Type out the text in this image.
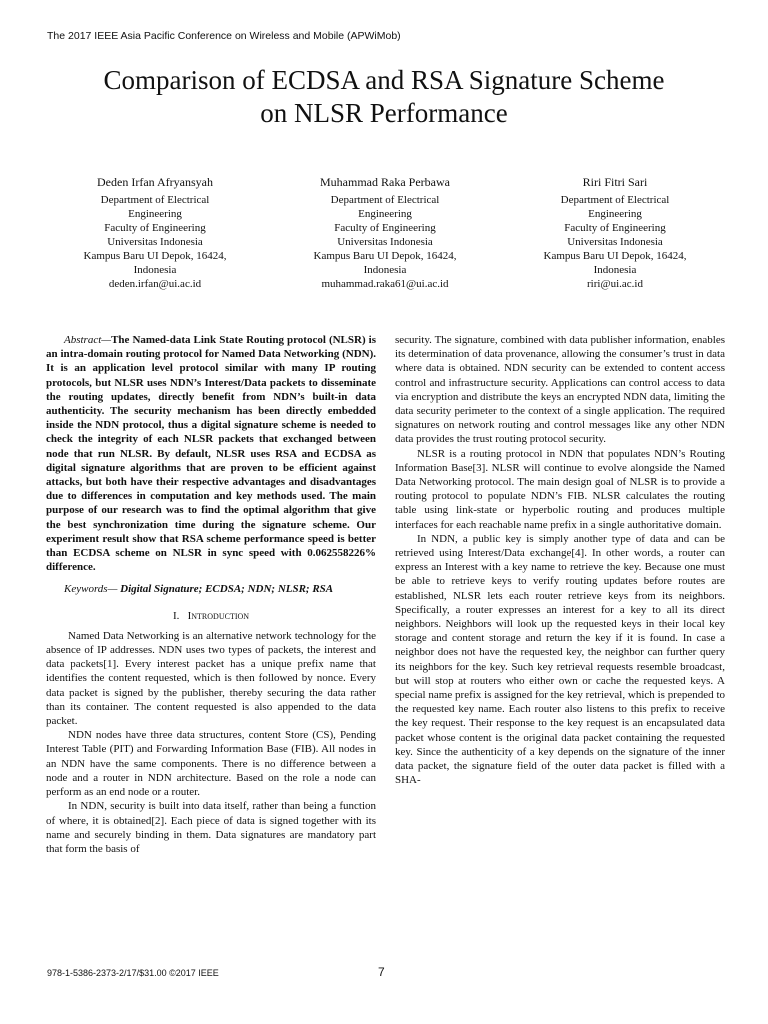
The 2017 IEEE Asia Pacific Conference on Wireless and Mobile (APWiMob)
Comparison of ECDSA and RSA Signature Scheme
on NLSR Performance
Deden Irfan Afryansyah

Department of Electrical

Engineering

Faculty of Engineering

Universitas Indonesia

Kampus Baru UI Depok, 16424,

Indonesia

deden.irfan@ui.ac.id
Muhammad Raka Perbawa

Department of Electrical

Engineering

Faculty of Engineering

Universitas Indonesia

Kampus Baru UI Depok, 16424,

Indonesia

muhammad.raka61@ui.ac.id
Riri Fitri Sari

Department of Electrical

Engineering

Faculty of Engineering

Universitas Indonesia

Kampus Baru UI Depok, 16424,

Indonesia

riri@ui.ac.id

Abstract—The Named-data Link State Routing protocol (NLSR) is an intra-domain routing protocol for Named Data Networking (NDN). It is an application level protocol similar with many IP routing protocols, but NLSR uses NDN’s Interest/Data packets to disseminate the routing updates, directly benefit from NDN’s built-in data authenticity. The security mechanism has been directly embedded inside the NDN protocol, thus a digital signature scheme is needed to check the integrity of each NLSR packets that exchanged between node that run NLSR. By default, NLSR uses RSA and ECDSA as digital signature algorithms that are proven to be efficient against attacks, but both have their respective advantages and disadvantages due to differences in computation and key methods used. The main purpose of our research was to find the optimal algorithm that give the best synchronization time during the signature scheme. Our experiment result show that RSA scheme performance speed is better than ECDSA scheme on NLSR in sync speed with 0.062558226% difference.

Keywords— Digital Signature; ECDSA; NDN; NLSR; RSA

I. Introduction

Named Data Networking is an alternative network technology for the absence of IP addresses. NDN uses two types of packets, the interest and data packets[1]. Every interest packet has a unique prefix name that identifies the content requested, which is then followed by nonce. Every data packet is signed by the publisher, thereby securing the data rather than its container. The content requested is also appended to the data packet.

NDN nodes have three data structures, content Store (CS), Pending Interest Table (PIT) and Forwarding Information Base (FIB). All nodes in an NDN have the same components. There is no difference between a node and a router in NDN architecture. Based on the role a node can perform as an end node or a router.

In NDN, security is built into data itself, rather than being a function of where, it is obtained[2]. Each piece of data is signed together with its name and securely binding in them. Data signatures are mandatory part that form the basis of

security. The signature, combined with data publisher information, enables its determination of data provenance, allowing the consumer’s trust in data where data is obtained. NDN security can be extended to content access control and infrastructure security. Applications can control access to data via encryption and distribute the keys an encrypted NDN data, limiting the data security perimeter to the context of a single application. The required signatures on network routing and control messages like any other NDN data provides the trust routing protocol security.

NLSR is a routing protocol in NDN that populates NDN’s Routing Information Base[3]. NLSR will continue to evolve alongside the Named Data Networking protocol. The main design goal of NLSR is to provide a routing protocol to populate NDN’s FIB. NLSR calculates the routing table using link-state or hyperbolic routing and produces multiple interfaces for each reachable name prefix in a single authoritative domain.

In NDN, a public key is simply another type of data and can be retrieved using Interest/Data exchange[4]. In other words, a router can express an Interest with a key name to retrieve the key. Because one must be able to retrieve keys to verify routing updates before routes are established, NLSR lets each router retrieve keys from its neighbors. Specifically, a router expresses an interest for a key to all its direct neighbors. Neighbors will look up the requested keys in their local key storage and content storage and return the key if it is found. In case a neighbor does not have the requested key, the neighbor can further query its neighbors for the key. Such key retrieval requests resemble broadcast, but will stop at routers who either own or cache the requested keys. A special name prefix is assigned for the key retrieval, which is prepended to the requested key name. Each router also listens to this prefix to receive the key request. Their response to the key request is an encapsulated data packet whose content is the original data packet containing the requested key. Since the authenticity of a key depends on the signature of the inner data packet, the signature field of the outer data packet is filled with a SHA-

978-1-5386-2373-2/17/$31.00 ©2017 IEEE	7
